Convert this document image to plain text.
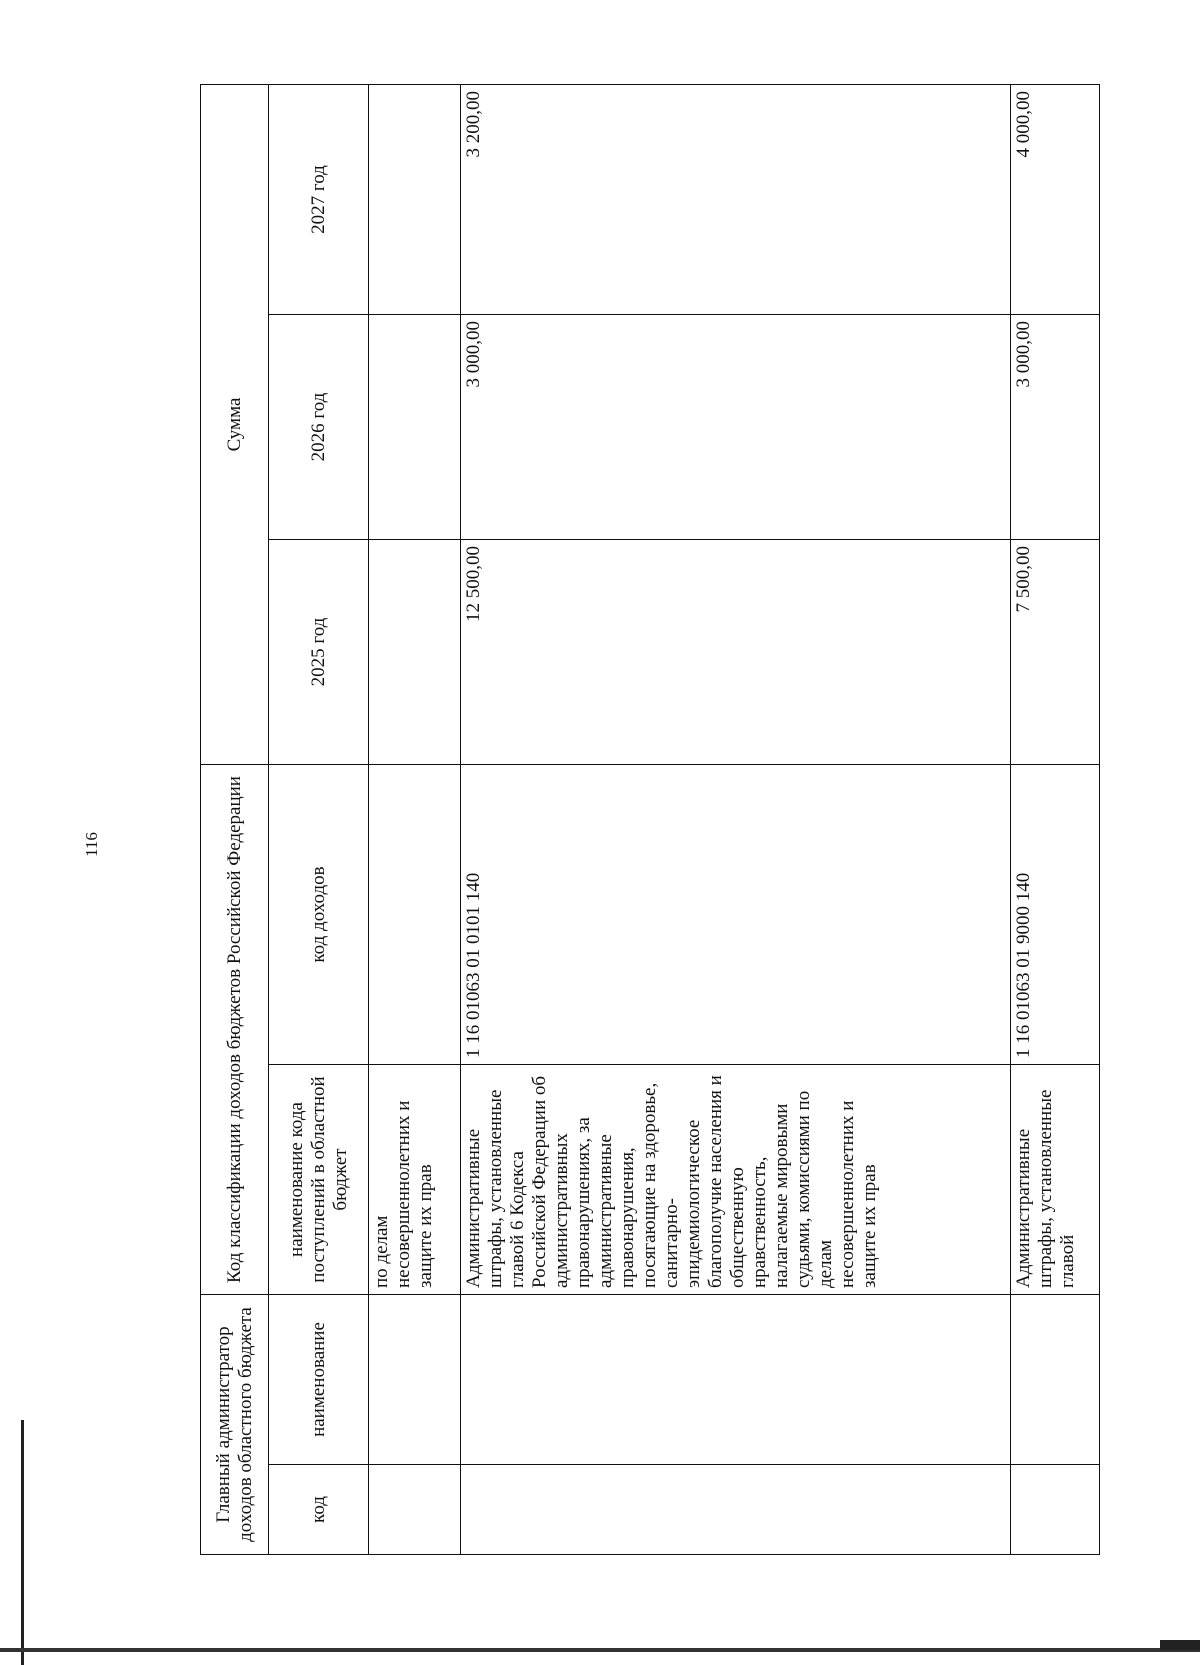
116
Главный администратор доходов областного бюджета		Код классификации доходов бюджетов Российской Федерации		Сумма		
код	наименование	наименование кода поступлений в областной бюджет	код доходов	2025 год	2026 год	2027 год
		по делам несовершеннолетних и защите их прав				
		Административные штрафы, установленные главой 6 Кодекса Российской Федерации об административных правонарушениях, за административные правонарушения, посягающие на здоровье, санитарно-эпидемиологическое благополучие населения и общественную нравственность, налагаемые мировыми судьями, комиссиями по делам несовершеннолетних и защите их прав	1 16 01063 01 0101 140	12 500,00	3 000,00	3 200,00
		Административные штрафы, установленные главой	1 16 01063 01 9000 140	7 500,00	3 000,00	4 000,00
